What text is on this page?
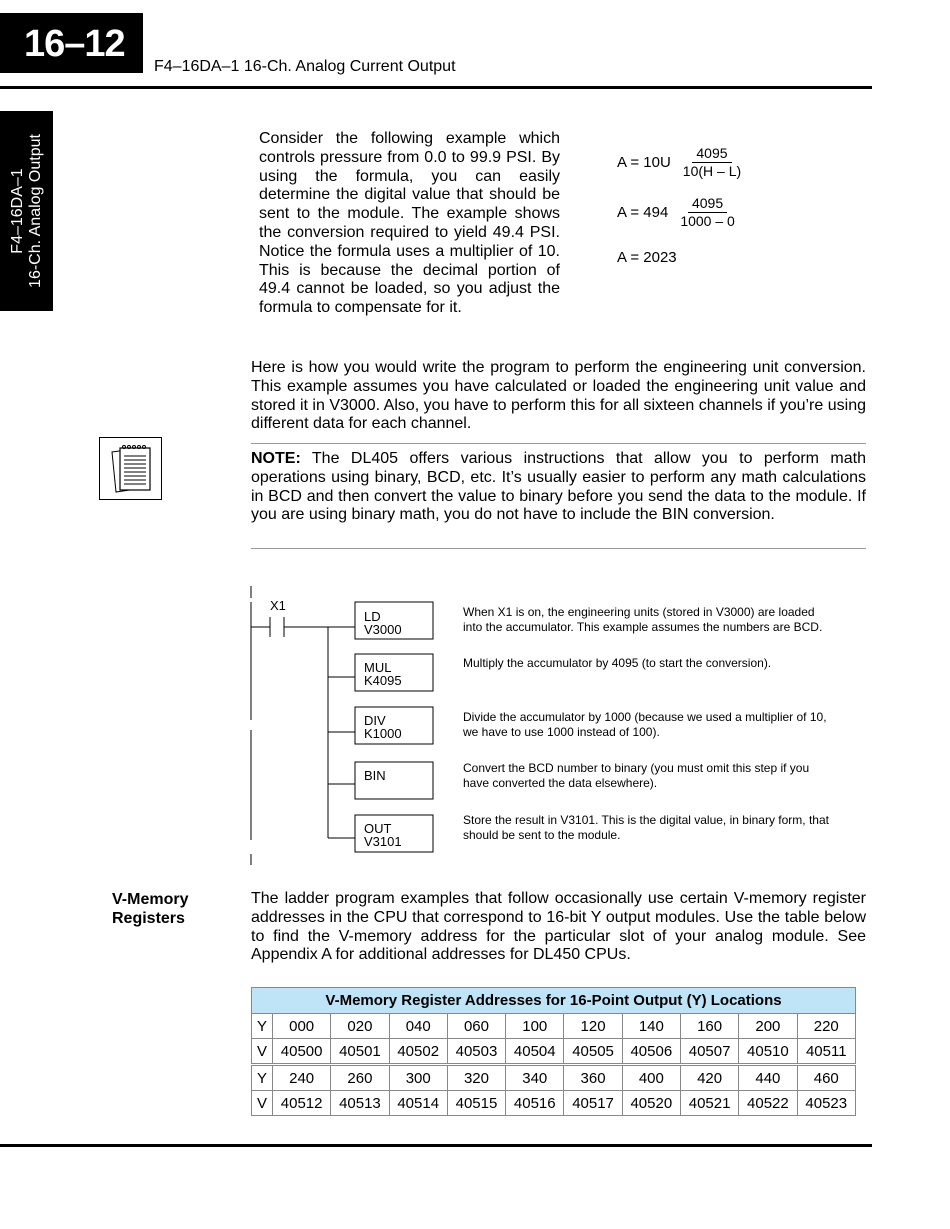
16–12
F4–16DA–1 16-Ch. Analog Current Output
F4–16DA–1 16-Ch. Analog Output	Consider the following example which controls pressure from 0.0 to 99.9 PSI. By using the formula, you can easily determine the digital value that should be sent to the module. The example shows the conversion required to yield 49.4 PSI. Notice the formula uses a multiplier of 10. This is because the decimal portion of 49.4 cannot be loaded, so you adjust the formula to compensate for it.
$A = 10U \frac{4095}{10(H - L)}$
$A = 494 \frac{4095}{1000 - 0}$
A = 2023
Here is how you would write the program to perform the engineering unit conversion. This example assumes you have calculated or loaded the engineering unit value and stored it in V3000. Also, you have to perform this for all sixteen channels if you’re using different data for each channel.
NOTE: The DL405 offers various instructions that allow you to perform math operations using binary, BCD, etc. It’s usually easier to perform any math calculations in BCD and then convert the value to binary before you send the data to the module. If you are using binary math, you do not have to include the BIN conversion.
X1
LD
V3000
MUL
K4095
DIV
K1000
BIN
OUT
V3101
When X1 is on, the engineering units (stored in V3000) are loaded
into the accumulator. This example assumes the numbers are BCD.
Multiply the accumulator by 4095 (to start the conversion).
Divide the accumulator by 1000 (because we used a multiplier of 10,
we have to use 1000 instead of 100).
Convert the BCD number to binary (you must omit this step if you
have converted the data elsewhere).
Store the result in V3101. This is the digital value, in binary form, that
should be sent to the module.
V-Memory
Registers
The ladder program examples that follow occasionally use certain V-memory register addresses in the CPU that correspond to 16-bit Y output modules. Use the table below to find the V-memory address for the particular slot of your analog module. See Appendix A for additional addresses for DL450 CPUs.
V-Memory Register Addresses for 16-Point Output (Y) Locations										
Y	000	020	040	060	100	120	140	160	200	220
V	40500	40501	40502	40503	40504	40505	40506	40507	40510	40511
Y	240	260	300	320	340	360	400	420	440	460
V	40512	40513	40514	40515	40516	40517	40520	40521	40522	40523
